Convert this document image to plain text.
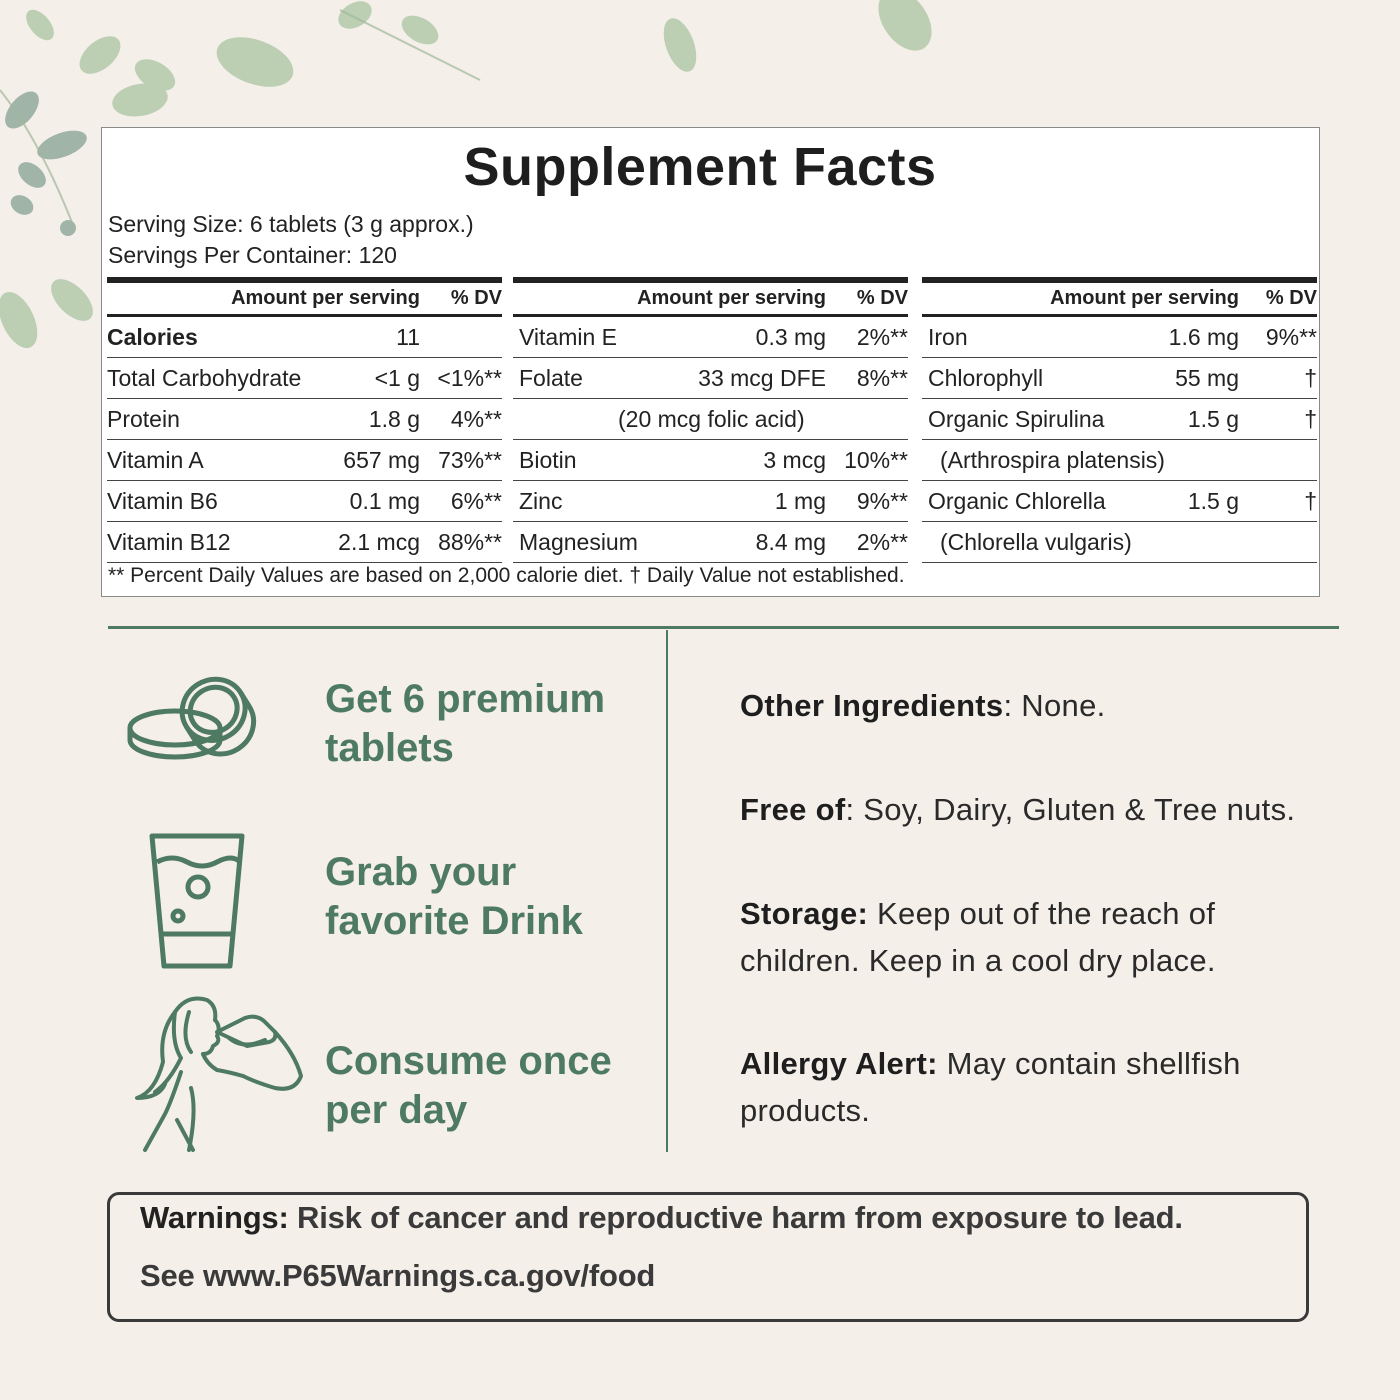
Supplement Facts
Serving Size: 6 tablets (3 g approx.)
Servings Per Container: 120
Amount per serving	% DV
Calories	11
Total Carbohydrate	<1 g <1%**
Protein	1.8 g	4%**
Vitamin A	657 mg 73%**
Vitamin B6	0.1 mg	6%**
Vitamin B12	2.1 mcg 88%**
Amount per serving	% DV
Vitamin E	0.3 mg	2%**
Folate	33 mcg DFE	8%**
(20 mcg folic acid)
Biotin	3 mcg 10%**
Zinc	1 mg	9%**
Magnesium	8.4 mg	2%**
Amount per serving	% DV
Iron	1.6 mg	9%**
Chlorophyll	55 mg	†
Organic Spirulina	1.5 g	†
(Arthrospira platensis)
Organic Chlorella	1.5 g	†
(Chlorella vulgaris)
** Percent Daily Values are based on 2,000 calorie diet. † Daily Value not established.
Get 6 premium tablets
Grab your favorite Drink
Consume once per day
Other Ingredients: None.
Free of: Soy, Dairy, Gluten & Tree nuts.
Storage: Keep out of the reach of children. Keep in a cool dry place.
Allergy Alert: May contain shellfish products.
Warnings: Risk of cancer and reproductive harm from exposure to lead.
See www.P65Warnings.ca.gov/food
